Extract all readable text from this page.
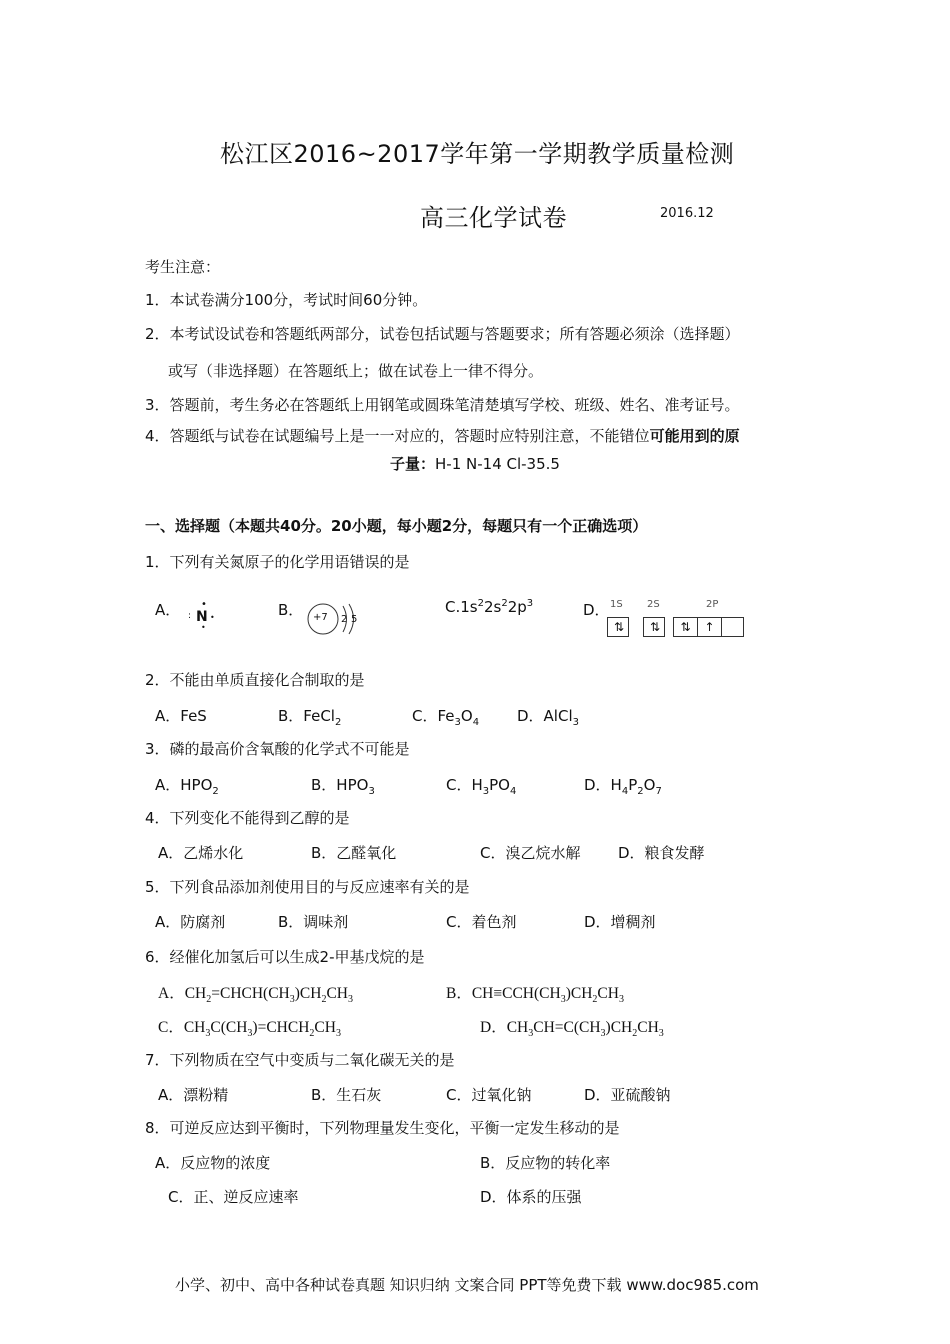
松江区2016~2017学年第一学期教学质量检测
高三化学试卷	2016.12
考生注意：
1．本试卷满分100分，考试时间60分钟。
2．本考试设试卷和答题纸两部分，试卷包括试题与答题要求；所有答题必须涂（选择题）
或写（非选择题）在答题纸上；做在试卷上一律不得分。
3．答题前，考生务必在答题纸上用钢笔或圆珠笔清楚填写学校、班级、姓名、准考证号。
4．答题纸与试卷在试题编号上是一一对应的，答题时应特别注意，不能错位可能用到的原
子量：H-1 N-14 Cl-35.5
一、选择题（本题共40分。20小题，每小题2分，每题只有一个正确选项）
1．下列有关氮原子的化学用语错误的是
A． •
: N •
•
B． +7 2 5
$C.1s^22s^22p^3$	D． 1S 2S	2P
⇅	⇅	⇅	↑
2．不能由单质直接化合制取的是
A．FeS	B．FeCl$_2$	C．$Fe_3O_4$	D．AlCl$_3$
3．磷的最高价含氧酸的化学式不可能是
A．$HPO_2$	B．$HPO_3$	C．$H_3PO_4$	D．$H_4P_2O_7$
4．下列变化不能得到乙醇的是
A．乙烯水化	B．乙醛氧化	C．溴乙烷水解	D．粮食发酵
5．下列食品添加剂使用目的与反应速率有关的是
A．防腐剂	B．调味剂	C．着色剂	D．增稠剂
6．经催化加氢后可以生成2-甲基戊烷的是
A．$CH_2=CHCH(CH_3)CH_2CH_3$	B．$CH\equiv CCH(CH_3)CH_2CH_3$
C．$CH_3C(CH_3)=CHCH_2CH_3$	D．$CH_3CH=C(CH_3)CH_2CH_3$
7．下列物质在空气中变质与二氧化碳无关的是
A．漂粉精	B．生石灰	C．过氧化钠	D．亚硫酸钠
8．可逆反应达到平衡时，下列物理量发生变化，平衡一定发生移动的是
A．反应物的浓度	B．反应物的转化率
C．正、逆反应速率	D．体系的压强
小学、初中、高中各种试卷真题 知识归纳 文案合同 PPT等免费下载 www.doc985.com
